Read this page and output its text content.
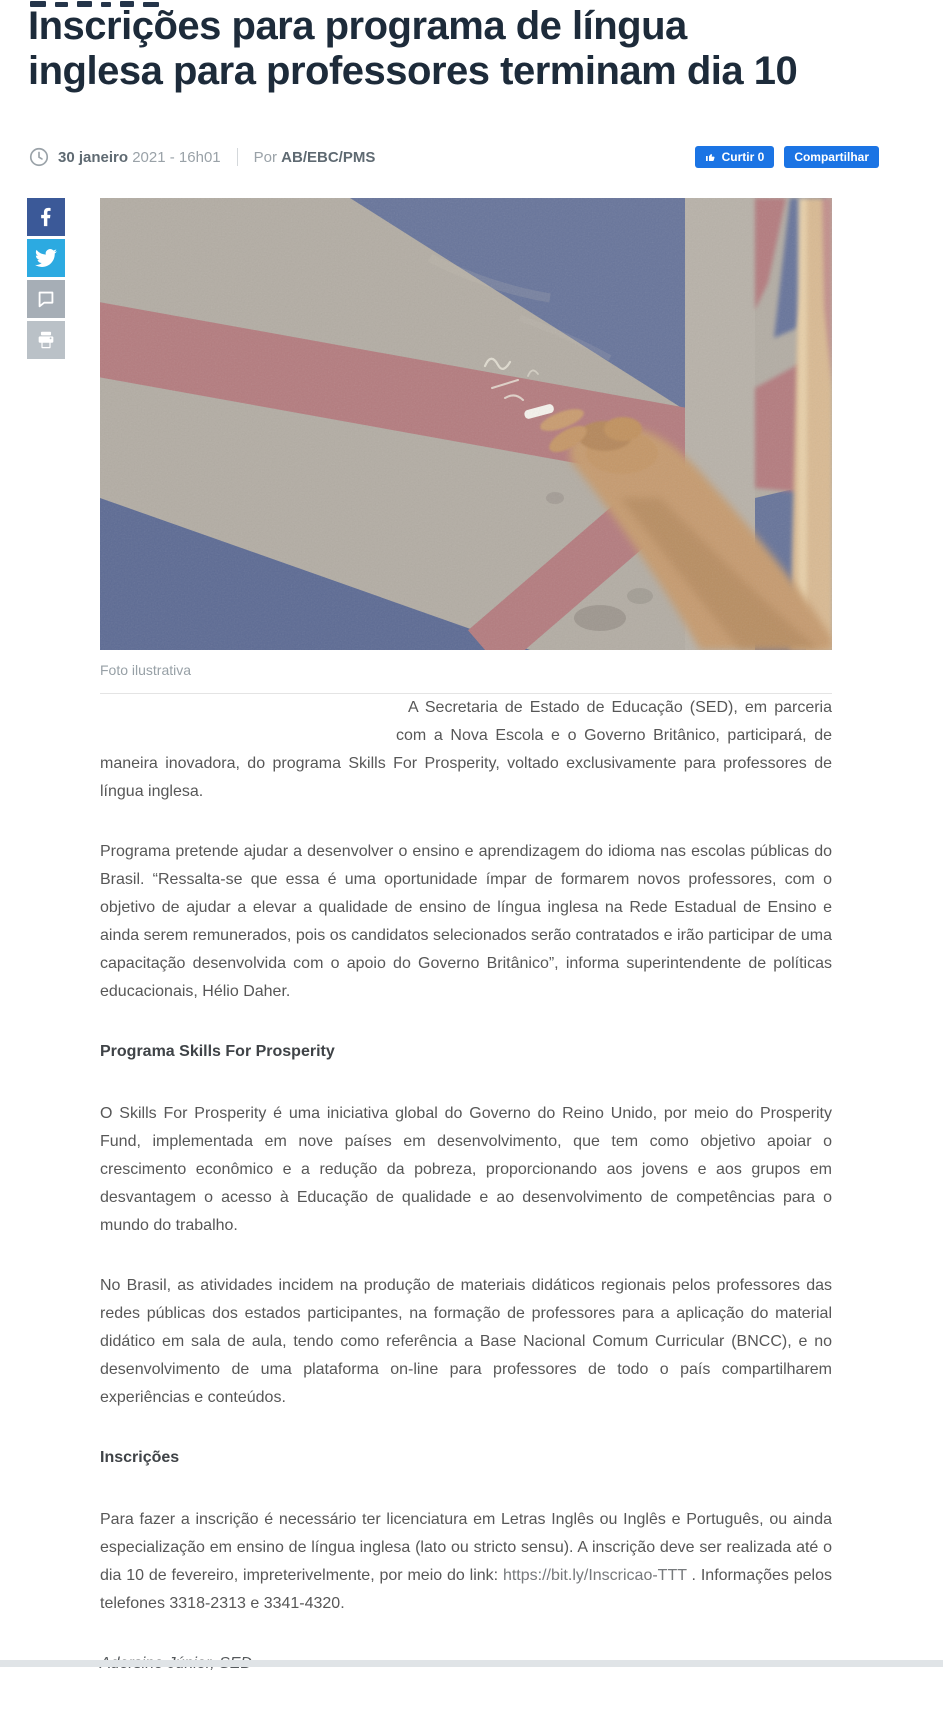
Inscrições para programa de língua inglesa para professores terminam dia 10
30 janeiro
2021 - 16h01 Por
AB/EBC/PMS	Curtir 0	Compartilhar
Foto ilustrativa

A Secretaria de Estado de Educação (SED), em parceria com a Nova Escola e o Governo Britânico, participará, de maneira inovadora, do programa Skills For Prosperity, voltado exclusivamente para professores de língua inglesa.

Programa pretende ajudar a desenvolver o ensino e aprendizagem do idioma nas escolas públicas do Brasil. “Ressalta-se que essa é uma oportunidade ímpar de formarem novos professores, com o objetivo de ajudar a elevar a qualidade de ensino de língua inglesa na Rede Estadual de Ensino e ainda serem remunerados, pois os candidatos selecionados serão contratados e irão participar de uma capacitação desenvolvida com o apoio do Governo Britânico”, informa superintendente de políticas educacionais, Hélio Daher.

Programa Skills For Prosperity

O Skills For Prosperity é uma iniciativa global do Governo do Reino Unido, por meio do Prosperity Fund, implementada em nove países em desenvolvimento, que tem como objetivo apoiar o crescimento econômico e a redução da pobreza, proporcionando aos jovens e aos grupos em desvantagem o acesso à Educação de qualidade e ao desenvolvimento de competências para o mundo do trabalho.

No Brasil, as atividades incidem na produção de materiais didáticos regionais pelos professores das redes públicas dos estados participantes, na formação de professores para a aplicação do material didático em sala de aula, tendo como referência a Base Nacional Comum Curricular (BNCC), e no desenvolvimento de uma plataforma on-line para professores de todo o país compartilharem experiências e conteúdos.

Inscrições

Para fazer a inscrição é necessário ter licenciatura em Letras Inglês ou Inglês e Português, ou ainda especialização em ensino de língua inglesa (lato ou stricto sensu). A inscrição deve ser realizada até o dia 10 de fevereiro, impreterivelmente, por meio do link: https://bit.ly/Inscricao-TTT . Informações pelos telefones 3318-2313 e 3341-4320.
